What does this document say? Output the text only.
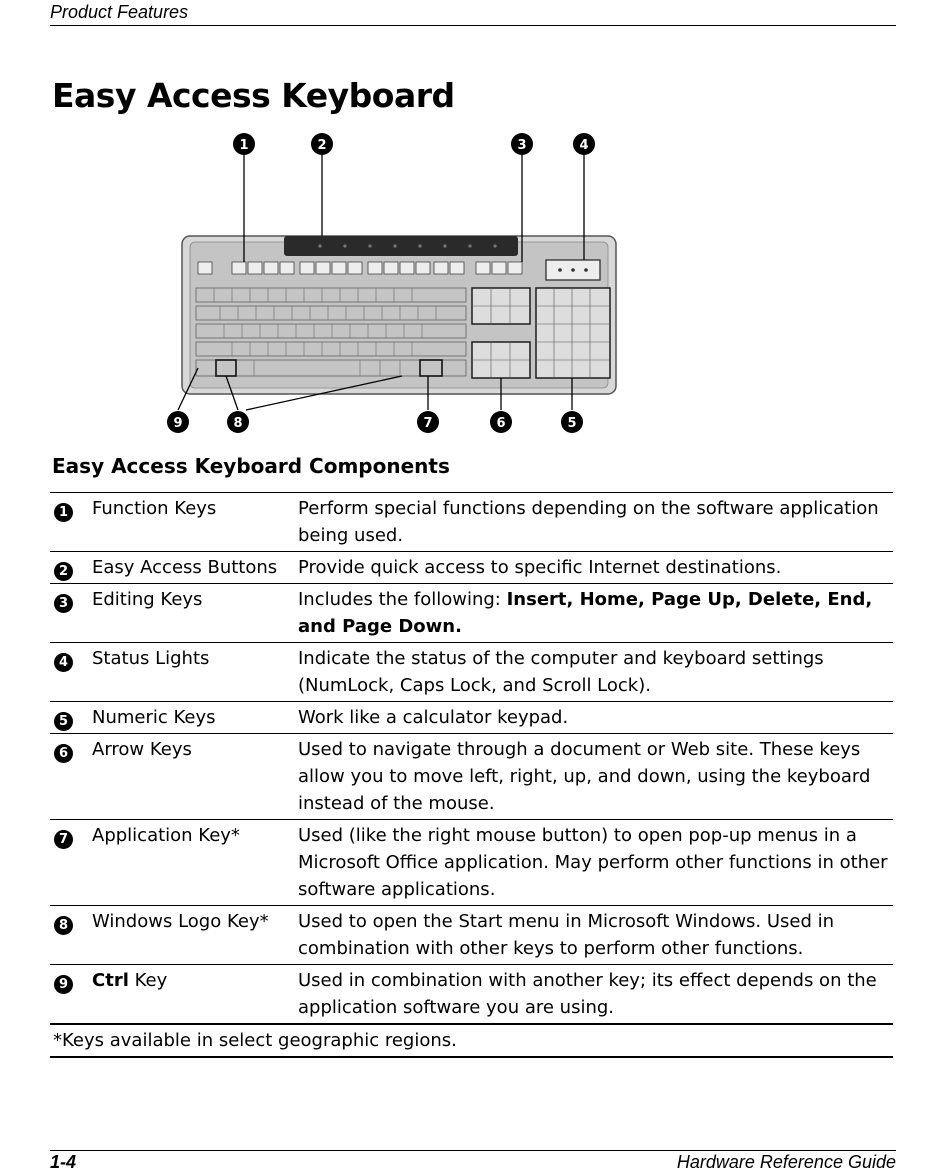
Product Features
Easy Access Keyboard
1	2	3	4
5
6
7
8
9
Easy Access Keyboard Components
1	Function Keys	Perform special functions depending on the software application being used.
2	Easy Access Buttons	Provide quick access to specific Internet destinations.
3	Editing Keys	Includes the following: Insert, Home, Page Up, Delete, End, and Page Down.
4	Status Lights	Indicate the status of the computer and keyboard settings (NumLock, Caps Lock, and Scroll Lock).
5	Numeric Keys	Work like a calculator keypad.
6	Arrow Keys	Used to navigate through a document or Web site. These keys allow you to move left, right, up, and down, using the keyboard instead of the mouse.
7	Application Key*	Used (like the right mouse button) to open pop-up menus in a Microsoft Office application. May perform other functions in other software applications.
8	Windows Logo Key*	Used to open the Start menu in Microsoft Windows. Used in combination with other keys to perform other functions.
9	Ctrl Key	Used in combination with another key; its effect depends on the application software you are using.
*Keys available in select geographic regions.		
1-4	Hardware Reference Guide
